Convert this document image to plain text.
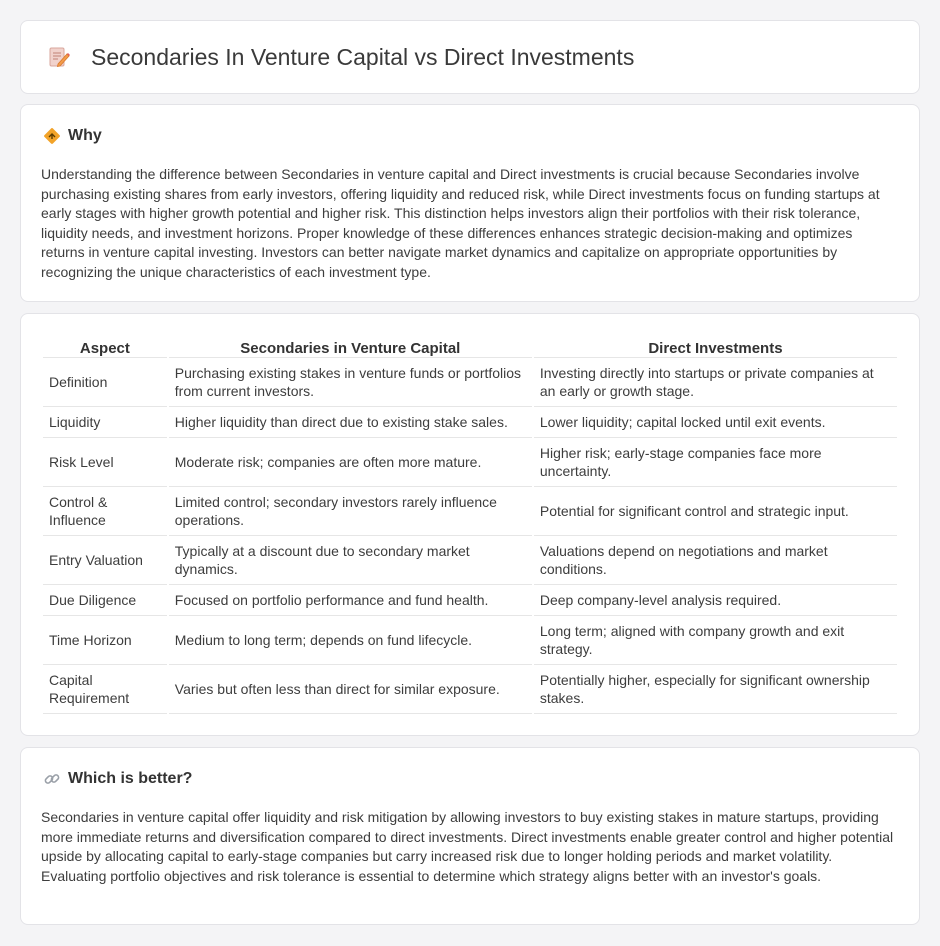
Secondaries In Venture Capital vs Direct Investments
Why

Understanding the difference between Secondaries in venture capital and Direct investments is crucial because Secondaries involve purchasing existing shares from early investors, offering liquidity and reduced risk, while Direct investments focus on funding startups at early stages with higher growth potential and higher risk. This distinction helps investors align their portfolios with their risk tolerance, liquidity needs, and investment horizons. Proper knowledge of these differences enhances strategic decision-making and optimizes returns in venture capital investing. Investors can better navigate market dynamics and capitalize on appropriate opportunities by recognizing the unique characteristics of each investment type.

Aspect	Secondaries in Venture Capital	Direct Investments
Definition	Purchasing existing stakes in venture funds or portfolios from current investors.	Investing directly into startups or private companies at an early or growth stage.
Liquidity	Higher liquidity than direct due to existing stake sales.	Lower liquidity; capital locked until exit events.
Risk Level	Moderate risk; companies are often more mature.	Higher risk; early-stage companies face more uncertainty.
Control & Influence	Limited control; secondary investors rarely influence operations.	Potential for significant control and strategic input.
Entry Valuation	Typically at a discount due to secondary market dynamics.	Valuations depend on negotiations and market conditions.
Due Diligence	Focused on portfolio performance and fund health.	Deep company-level analysis required.
Time Horizon	Medium to long term; depends on fund lifecycle.	Long term; aligned with company growth and exit strategy.
Capital Requirement	Varies but often less than direct for similar exposure.	Potentially higher, especially for significant ownership stakes.
Which is better?

Secondaries in venture capital offer liquidity and risk mitigation by allowing investors to buy existing stakes in mature startups, providing more immediate returns and diversification compared to direct investments. Direct investments enable greater control and higher potential upside by allocating capital to early-stage companies but carry increased risk due to longer holding periods and market volatility. Evaluating portfolio objectives and risk tolerance is essential to determine which strategy aligns better with an investor's goals.
